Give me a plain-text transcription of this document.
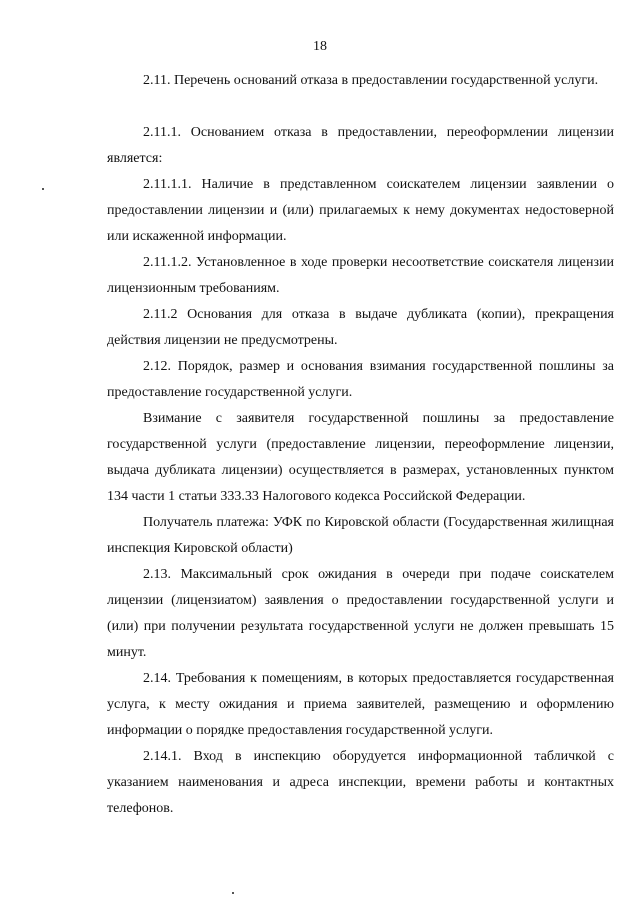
18

2.11. Перечень оснований отказа в предоставлении государственной услуги.

2.11.1. Основанием отказа в предоставлении, переоформлении лицензии является:

2.11.1.1. Наличие в представленном соискателем лицензии заявлении о предоставлении лицензии и (или) прилагаемых к нему документах недостоверной или искаженной информации.

2.11.1.2. Установленное в ходе проверки несоответствие соискателя лицензии лицензионным требованиям.

2.11.2 Основания для отказа в выдаче дубликата (копии), прекращения действия лицензии не предусмотрены.

2.12. Порядок, размер и основания взимания государственной пошлины за предоставление государственной услуги.

Взимание с заявителя государственной пошлины за предоставление государственной услуги (предоставление лицензии, переоформление лицензии, выдача дубликата лицензии) осуществляется в размерах, установленных пунктом 134 части 1 статьи 333.33 Налогового кодекса Российской Федерации.

Получатель платежа: УФК по Кировской области (Государственная жилищная инспекция Кировской области)

2.13. Максимальный срок ожидания в очереди при подаче соискателем лицензии (лицензиатом) заявления о предоставлении государственной услуги и (или) при получении результата государственной услуги не должен превышать 15 минут.

2.14. Требования к помещениям, в которых предоставляется государственная услуга, к месту ожидания и приема заявителей, размещению и оформлению информации о порядке предоставления государственной услуги.

2.14.1. Вход в инспекцию оборудуется информационной табличкой с указанием наименования и адреса инспекции, времени работы и контактных телефонов.
